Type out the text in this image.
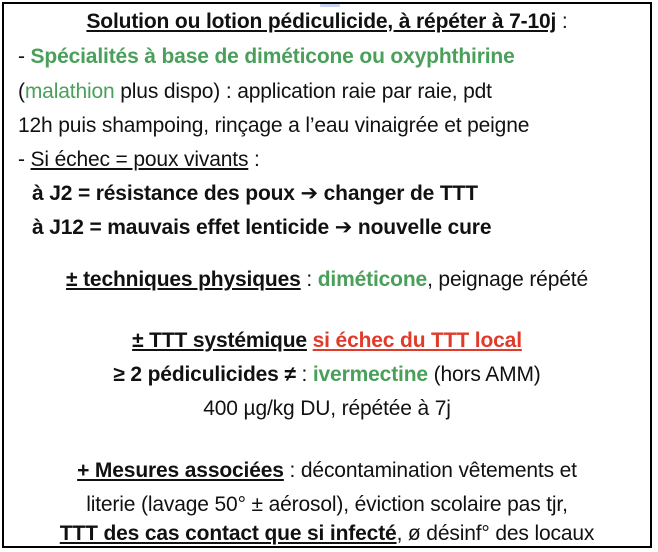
Solution ou lotion pédiculicide, à répéter à 7-10j :
- Spécialités à base de diméticone ou oxyphthirine
(malathion plus dispo) : application raie par raie, pdt
12h puis shampoing, rinçage a l’eau vinaigrée et peigne
- Si échec = poux vivants :
à J2 = résistance des poux ➔ changer de TTT
à J12 = mauvais effet lenticide ➔ nouvelle cure
± techniques physiques : diméticone, peignage répété
± TTT systémique si échec du TTT local
≥ 2 pédiculicides ≠ : ivermectine (hors AMM)
400 µg/kg DU, répétée à 7j
+ Mesures associées : décontamination vêtements et
literie (lavage 50° ± aérosol), éviction scolaire pas tjr,
TTT des cas contact que si infecté, ø désinf° des locaux
